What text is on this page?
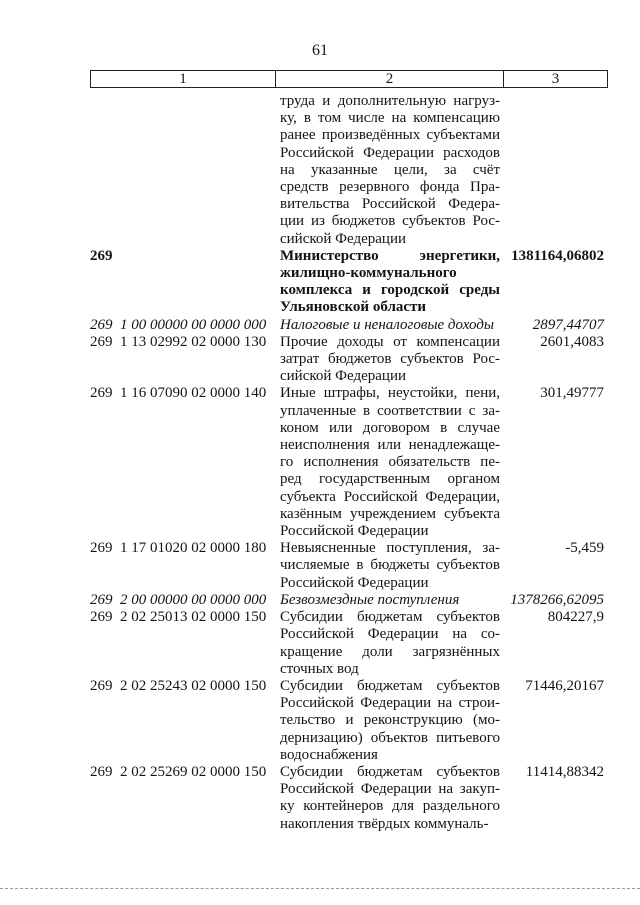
61
1	2	3
труда и дополнительную нагруз-
ку, в том числе на компенсацию
ранее произведённых субъектами
Российской Федерации расходов
на указанные цели, за счёт
средств резервного фонда Пра-
вительства Российской Федера-
ции из бюджетов субъектов Рос-
сийской Федерации
269	Министерство энергетики,
жилищно-коммунального
комплекса и городской среды
Ульяновской области
1381164,06802
269  1 00 00000 00 0000 000 Налоговые и неналоговые доходы	2897,44707
269  1 13 02992 02 0000 130 Прочие доходы от компенсации
затрат бюджетов субъектов Рос-
сийской Федерации
2601,4083
269  1 16 07090 02 0000 140 Иные штрафы, неустойки, пени,
уплаченные в соответствии с за-
коном или договором в случае
неисполнения или ненадлежаще-
го исполнения обязательств пе-
ред государственным органом
субъекта Российской Федерации,
казённым учреждением субъекта
Российской Федерации
301,49777
269  1 17 01020 02 0000 180 Невыясненные поступления, за-
числяемые в бюджеты субъектов
Российской Федерации
-5,459
269  2 00 00000 00 0000 000 Безвозмездные поступления	1378266,62095
269  2 02 25013 02 0000 150 Субсидии бюджетам субъектов
Российской Федерации на со-
кращение доли загрязнённых
сточных вод
804227,9
269  2 02 25243 02 0000 150 Субсидии бюджетам субъектов
Российской Федерации на строи-
тельство и реконструкцию (мо-
дернизацию) объектов питьевого
водоснабжения
71446,20167
269  2 02 25269 02 0000 150 Субсидии бюджетам субъектов
Российской Федерации на закуп-
ку контейнеров для раздельного
накопления твёрдых коммуналь-
11414,88342
